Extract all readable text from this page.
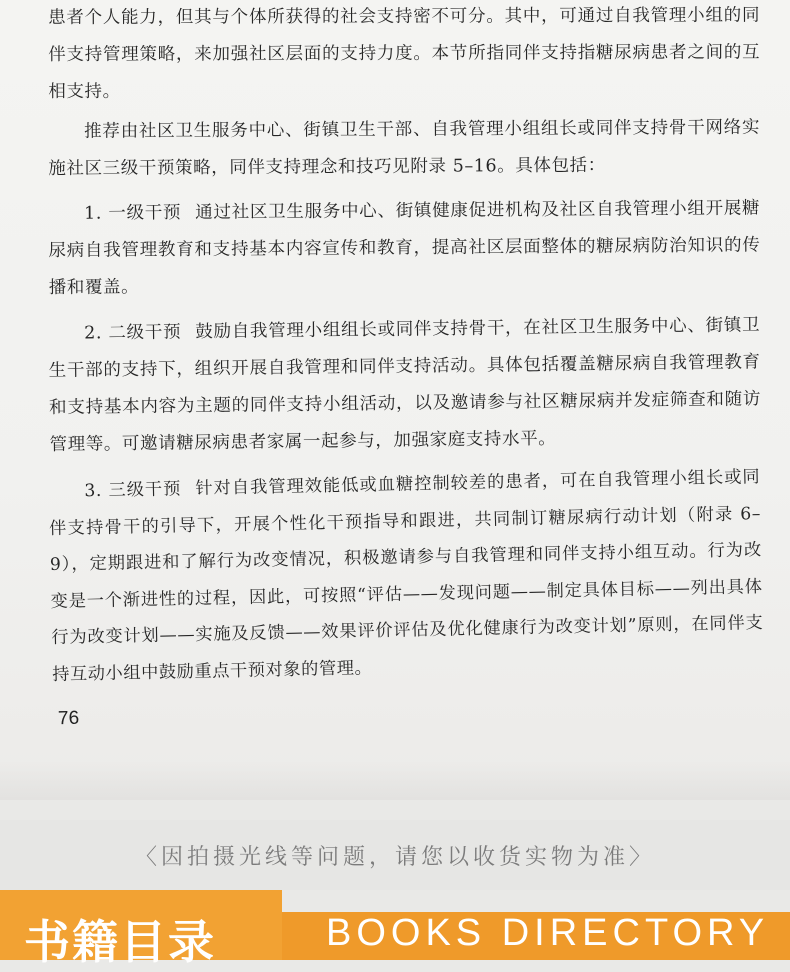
患者个人能力，但其与个体所获得的社会支持密不可分。其中，可通过自我管理小组的同伴支持管理策略，来加强社区层面的支持力度。本节所指同伴支持指糖尿病患者之间的互相支持。

推荐由社区卫生服务中心、街镇卫生干部、自我管理小组组长或同伴支持骨干网络实施社区三级干预策略，同伴支持理念和技巧见附录 5–16。具体包括：

1. 一级干预 通过社区卫生服务中心、街镇健康促进机构及社区自我管理小组开展糖尿病自我管理教育和支持基本内容宣传和教育，提高社区层面整体的糖尿病防治知识的传播和覆盖。

2. 二级干预 鼓励自我管理小组组长或同伴支持骨干，在社区卫生服务中心、街镇卫生干部的支持下，组织开展自我管理和同伴支持活动。具体包括覆盖糖尿病自我管理教育和支持基本内容为主题的同伴支持小组活动，以及邀请参与社区糖尿病并发症筛查和随访管理等。可邀请糖尿病患者家属一起参与，加强家庭支持水平。

3. 三级干预 针对自我管理效能低或血糖控制较差的患者，可在自我管理小组长或同伴支持骨干的引导下，开展个性化干预指导和跟进，共同制订糖尿病行动计划（附录 6–9），定期跟进和了解行为改变情况，积极邀请参与自我管理和同伴支持小组互动。行为改变是一个渐进性的过程，因此，可按照“评估——发现问题——制定具体目标——列出具体行为改变计划——实施及反馈——效果评价评估及优化健康行为改变计划”原则，在同伴支持互动小组中鼓励重点干预对象的管理。

76
〈因拍摄光线等问题，请您以收货实物为准〉
书籍目录	BOOKS DIRECTORY
